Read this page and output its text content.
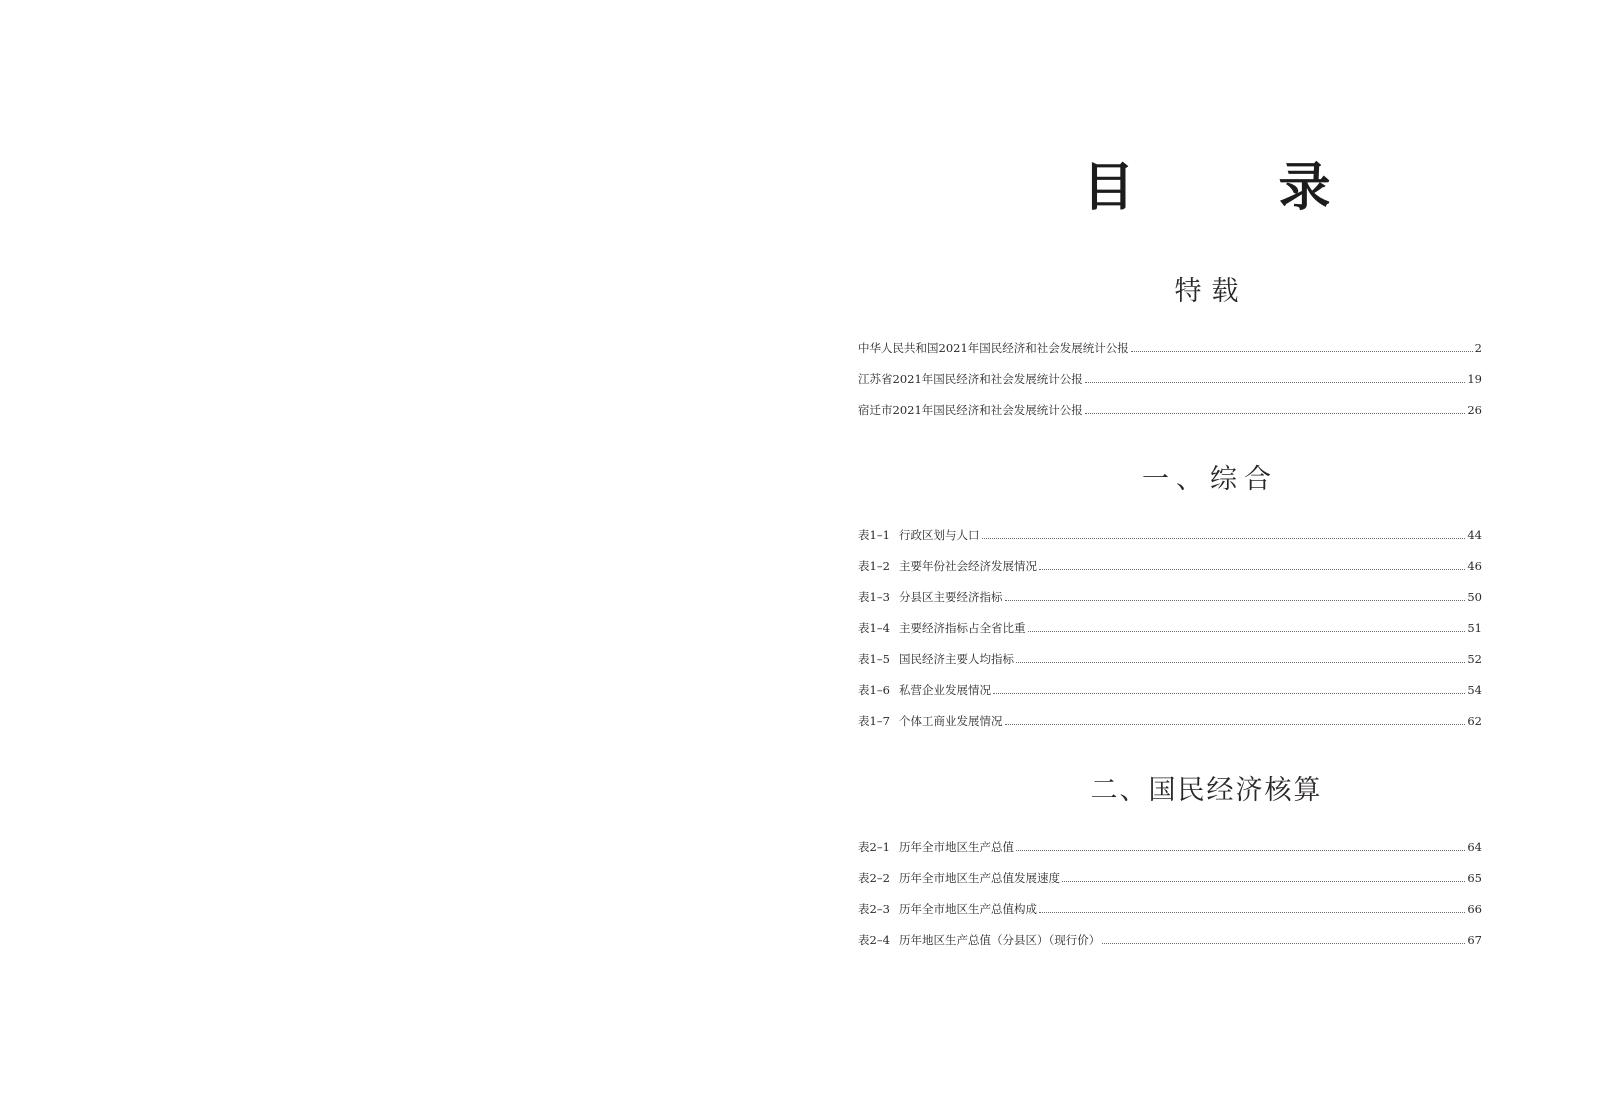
目　录
特载
中华人民共和国2021年国民经济和社会发展统计公报	2
江苏省2021年国民经济和社会发展统计公报	19
宿迁市2021年国民经济和社会发展统计公报	26
一、综合
表1–1 行政区划与人口	44
表1–2 主要年份社会经济发展情况	46
表1–3 分县区主要经济指标	50
表1–4 主要经济指标占全省比重	51
表1–5 国民经济主要人均指标	52
表1–6 私营企业发展情况	54
表1–7 个体工商业发展情况	62
二、国民经济核算
表2–1 历年全市地区生产总值	64
表2–2 历年全市地区生产总值发展速度	65
表2–3 历年全市地区生产总值构成	66
表2–4 历年地区生产总值（分县区）（现行价）	67
